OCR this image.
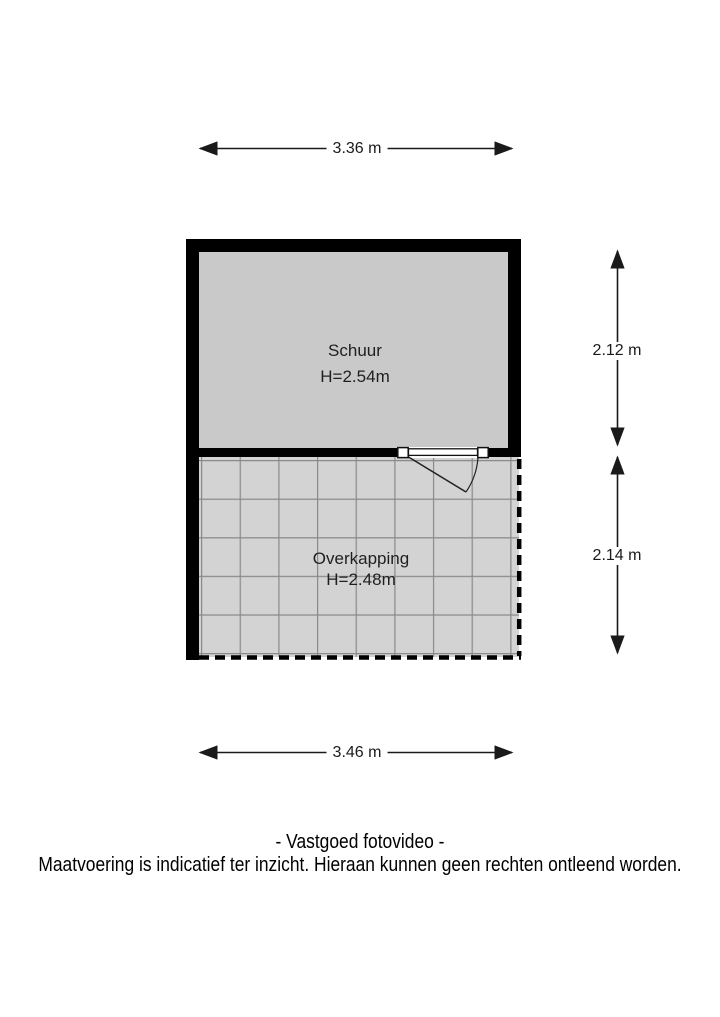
3.36 m
2.12 m
2.14 m
3.46 m
Schuur
H=2.54m
Overkapping
H=2.48m
- Vastgoed fotovideo -
Maatvoering is indicatief ter inzicht. Hieraan kunnen geen rechten ontleend worden.
